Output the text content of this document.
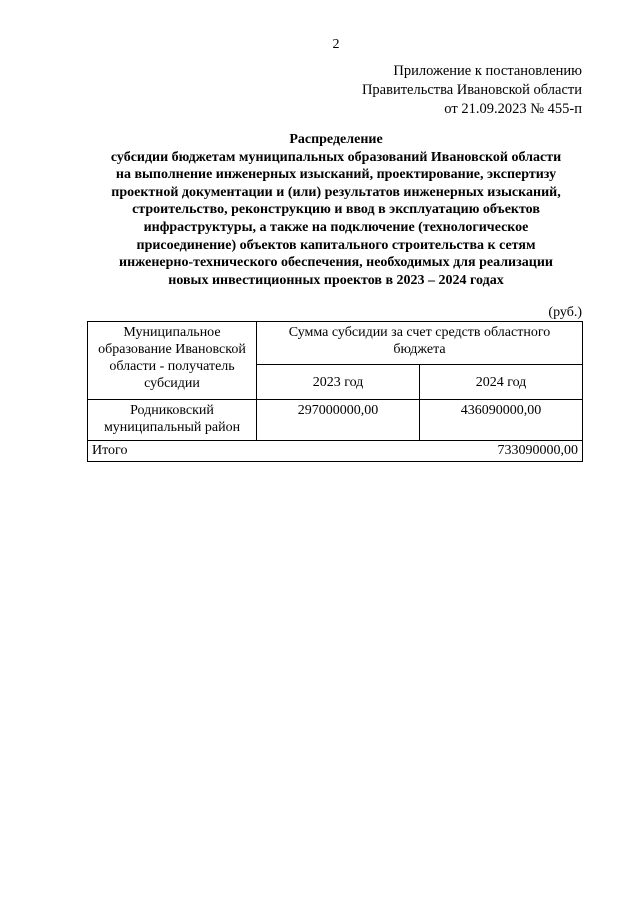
2
Приложение к постановлению
Правительства Ивановской области
от 21.09.2023 № 455-п
Распределение
субсидии бюджетам муниципальных образований Ивановской области
на выполнение инженерных изысканий, проектирование, экспертизу
проектной документации и (или) результатов инженерных изысканий,
строительство, реконструкцию и ввод в эксплуатацию объектов
инфраструктуры, а также на подключение (технологическое
присоединение) объектов капитального строительства к сетям
инженерно-технического обеспечения, необходимых для реализации
новых инвестиционных проектов в 2023 – 2024 годах
(руб.)
Муниципальное образование Ивановской области - получатель субсидии	Сумма субсидии за счет средств областного бюджета	
	2023 год	2024 год
Родниковский муниципальный район	297000000,00	436090000,00
Итого	733090000,00	
